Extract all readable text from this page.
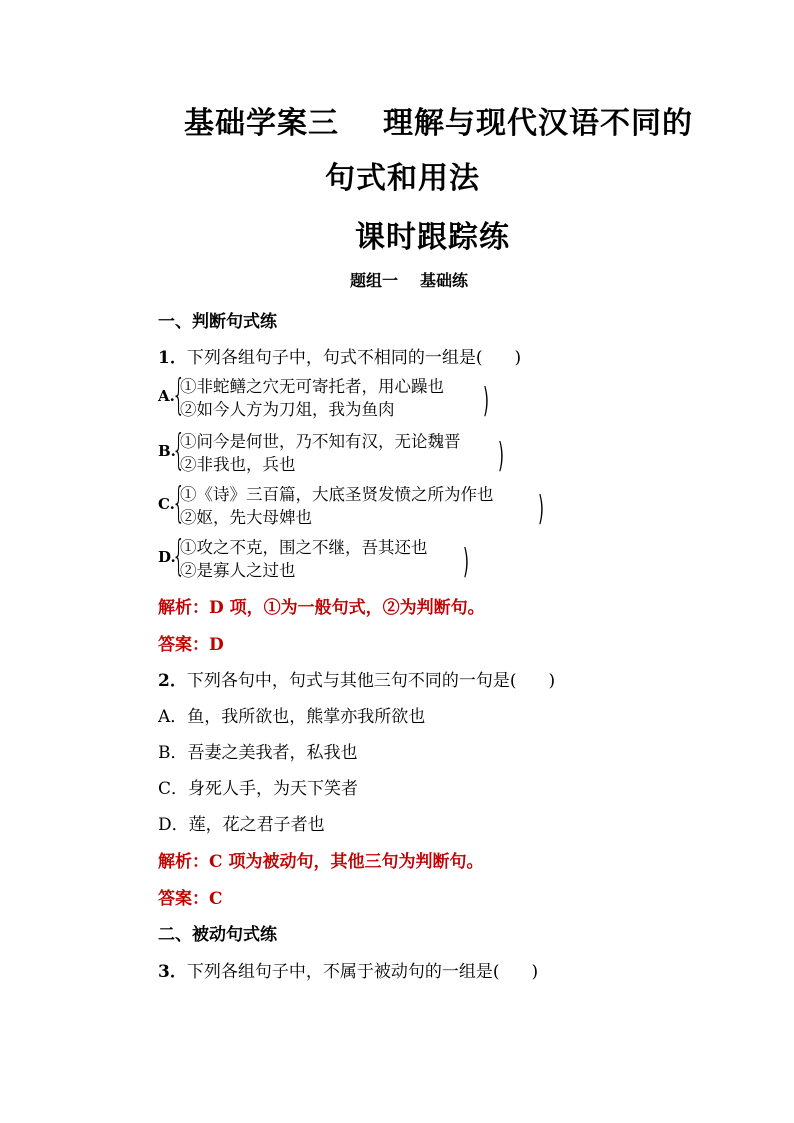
基础学案三 理解与现代汉语不同的
句式和用法
课时跟踪练
题组一 基础练
一、判断句式练
1．下列各组句子中，句式不相同的一组是( )
A.
{
①非蛇鳝之穴无可寄托者，用心躁也
②如今人方为刀俎，我为鱼肉	)
B.
{
①问今是何世，乃不知有汉，无论魏晋
②非我也，兵也	)
C.
{
①《诗》三百篇，大底圣贤发愤之所为作也
②妪，先大母婢也	)
D.
{
①攻之不克，围之不继，吾其还也
②是寡人之过也	)
解析：D 项，①为一般句式，②为判断句。
答案：D
2．下列各句中，句式与其他三句不同的一句是( )
A．鱼，我所欲也，熊掌亦我所欲也
B．吾妻之美我者，私我也
C．身死人手，为天下笑者
D．莲，花之君子者也
解析：C 项为被动句，其他三句为判断句。
答案：C
二、被动句式练
3．下列各组句子中，不属于被动句的一组是( )
